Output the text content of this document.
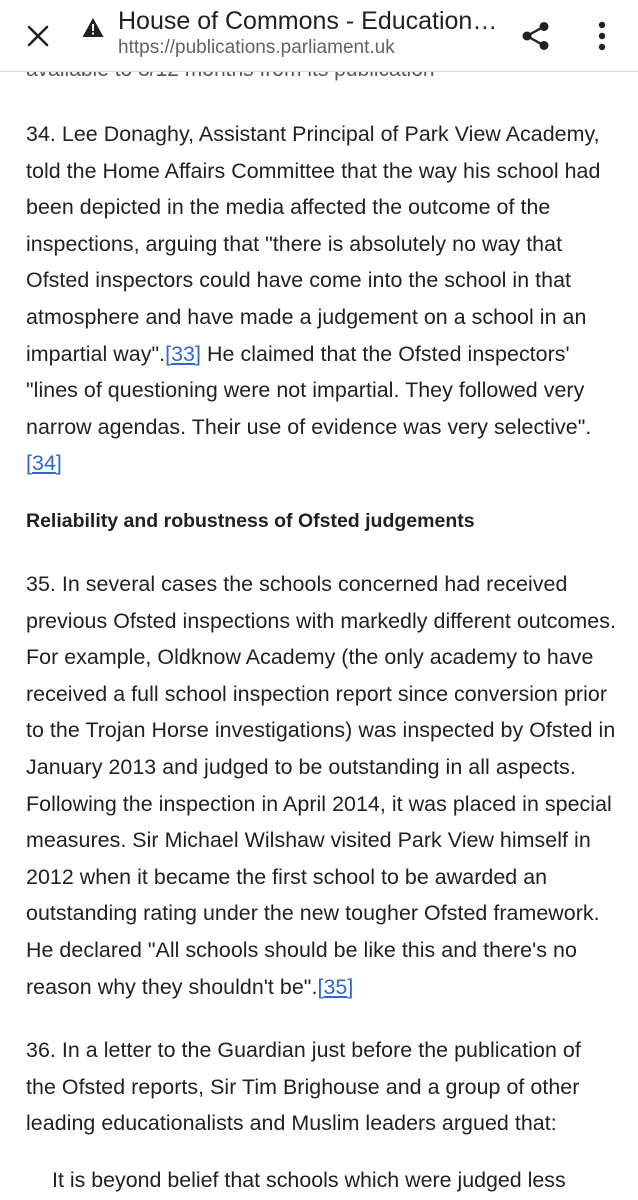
34. Lee Donaghy, Assistant Principal of Park View Academy, told the Home Affairs Committee that the way his school had been depicted in the media affected the outcome of the inspections, arguing that "there is absolutely no way that Ofsted inspectors could have come into the school in that atmosphere and have made a judgement on a school in an impartial way".[33] He claimed that the Ofsted inspectors' "lines of questioning were not impartial. They followed very narrow agendas. Their use of evidence was very selective". [34]

Reliability and robustness of Ofsted judgements

35. In several cases the schools concerned had received previous Ofsted inspections with markedly different outcomes. For example, Oldknow Academy (the only academy to have received a full school inspection report since conversion prior to the Trojan Horse investigations) was inspected by Ofsted in January 2013 and judged to be outstanding in all aspects. Following the inspection in April 2014, it was placed in special measures. Sir Michael Wilshaw visited Park View himself in 2012 when it became the first school to be awarded an outstanding rating under the new tougher Ofsted framework. He declared "All schools should be like this and there's no reason why they shouldn't be".[35]

36. In a letter to the Guardian just before the publication of the Ofsted reports, Sir Tim Brighouse and a group of other leading educationalists and Muslim leaders argued that:

It is beyond belief that schools which were judged less

House of Commons - Education…
https://publications.parliament.uk
